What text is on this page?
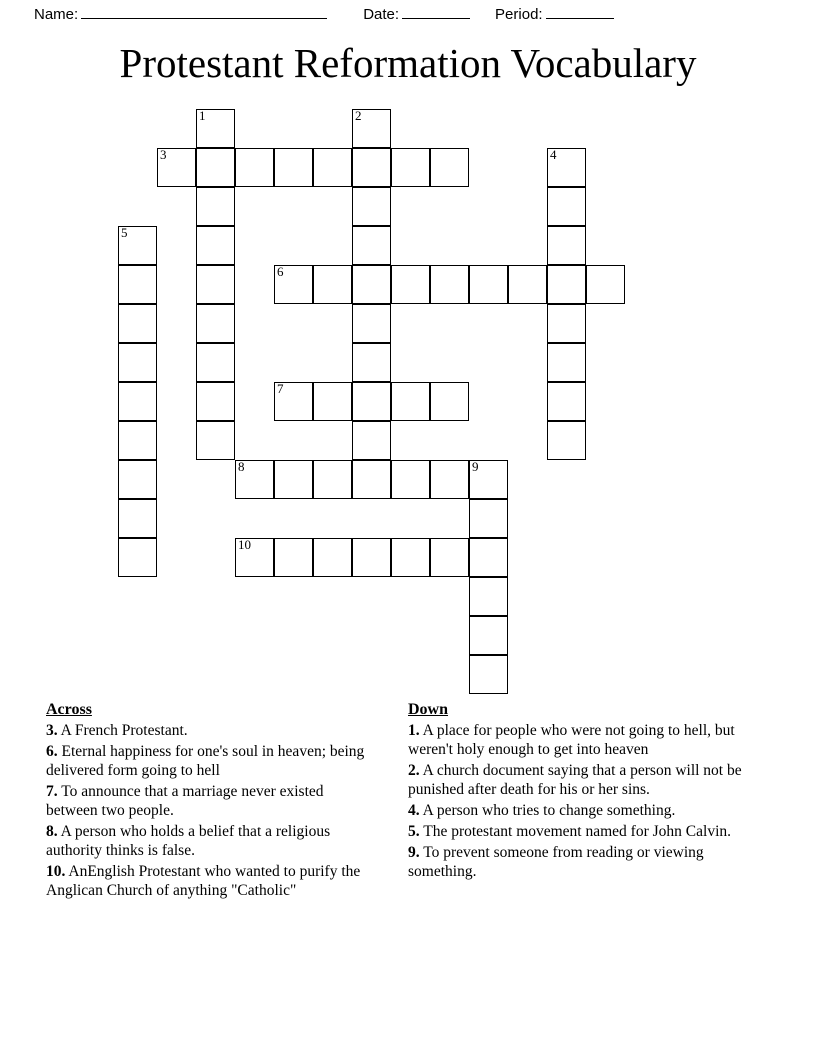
Name:	Date:	Period:
Protestant Reformation Vocabulary
1	2
3	4
5
6
7
8	9
10
Across

3. A French Protestant.

6. Eternal happiness for one's soul in heaven; being delivered form going to hell

7. To announce that a marriage never existed between two people.

8. A person who holds a belief that a religious authority thinks is false.

10. AnEnglish Protestant who wanted to purify the Anglican Church of anything "Catholic"

Down

1. A place for people who were not going to hell, but weren't holy enough to get into heaven

2. A church document saying that a person will not be punished after death for his or her sins.

4. A person who tries to change something.

5. The protestant movement named for John Calvin.

9. To prevent someone from reading or viewing something.
